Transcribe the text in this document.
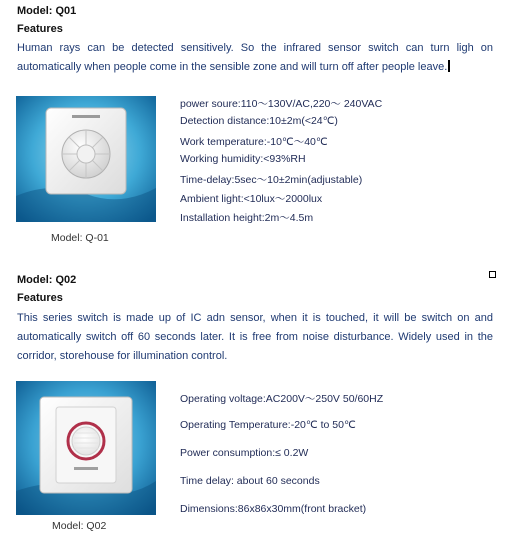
Model: Q01
Features

Human rays can be detected sensitively. So the infrared sensor switch can turn ligh on automatically when people come in the sensible zone and will turn off after people leave.

Model: Q-01
power soure:110～130V/AC,220～ 240VAC
Detection distance:10±2m(<24℃)
Work temperature:-10℃～40℃
Working humidity:<93%RH
Time-delay:5sec～10±2min(adjustable)
Ambient light:<10lux～2000lux
Installation height:2m～4.5m
Model: Q02
Features

This series switch is made up of IC adn sensor, when it is touched, it will be switch on and automatically switch off 60 seconds later. It is free from noise disturbance. Widely used in the corridor, storehouse for illumination control.

Model: Q02
Operating voltage:AC200V～250V 50/60HZ
Operating Temperature:-20℃ to 50℃
Power consumption:≤ 0.2W
Time delay: about 60 seconds
Dimensions:86x86x30mm(front bracket)
